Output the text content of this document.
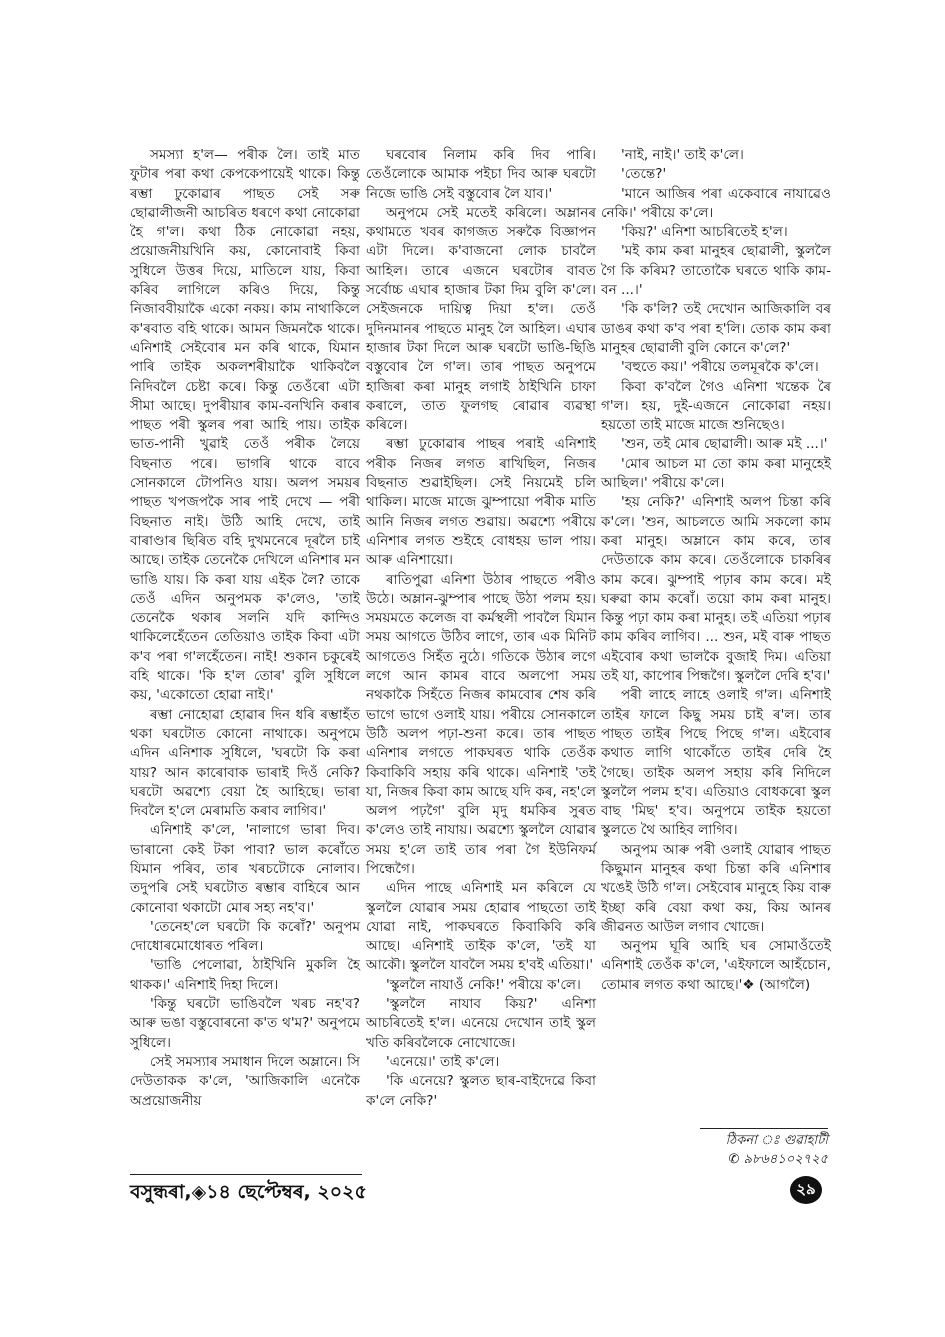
সমস্যা হ'ল— পৰীক লৈ। তাই মাত ফুটাৰ পৰা কথা কেপকেপায়েই থাকে। কিন্তু ৰম্ভা ঢুকোৱাৰ পাছত সেই সৰু ছোৱালীজনী আচৰিত ধৰণে কথা নোকোৱা হৈ গ'ল। কথা ঠিক নোকোৱা নহয়, প্ৰয়োজনীয়খিনি কয়, কোনোবাই কিবা সুধিলে উত্তৰ দিয়ে, মাতিলে যায়, কিবা কৰিব লাগিলে কৰিও দিয়ে, কিন্তু নিজাববীয়াকৈ একো নকয়। কাম নাথাকিলে ক'ৰবাত বহি থাকে। আমন জিমনকৈ থাকে। এনিশাই সেইবোৰ মন কৰি থাকে, যিমান পাৰি তাইক অকলশৰীয়াকৈ থাকিবলৈ নিদিবলৈ চেষ্টা কৰে। কিন্তু তেওঁৰো এটা সীমা আছে। দুপৰীয়াৰ কাম-বনখিনি কৰাৰ পাছত পৰী স্কুলৰ পৰা আহি পায়। তাইক ভাত-পানী খুৱাই তেওঁ পৰীক লৈয়ে বিছনাত পৰে। ভাগৰি থাকে বাবে সোনকালে টোপনিও যায়। অলপ সময়ৰ পাছত খপজপকৈ সাৰ পাই দেখে — পৰী বিছনাত নাই। উঠি আহি দেখে, তাই বাৰাণ্ডাৰ ছিৰিত বহি দুখমনেৰে দূৰলৈ চাই আছে। তাইক তেনেকৈ দেখিলে এনিশাৰ মন ভাঙি যায়। কি কৰা যায় এইক লৈ? তাকে তেওঁ এদিন অনুপমক ক'লেও, 'তাই তেনেকৈ থকাৰ সলনি যদি কান্দিও থাকিলেহেঁতেন তেতিয়াও তাইক কিবা এটা ক'ব পৰা গ'লহেঁতেন। নাই! শুকান চকুৰেই বহি থাকে। 'কি হ'ল তোৰ' বুলি সুধিলে কয়, 'একোতো হোৱা নাই।'

ৰম্ভা নোহোৱা হোৱাৰ দিন ধৰি ৰম্ভাহঁত থকা ঘৰটোত কোনো নাথাকে। অনুপমে এদিন এনিশাক সুধিলে, 'ঘৰটো কি কৰা যায়? আন কাৰোবাক ভাৰাই দিওঁ নেকি? ঘৰটো অৱশ্যে বেয়া হৈ আহিছে। ভাৰা দিবলৈ হ'লে মেৰামতি কৰাব লাগিব।'

এনিশাই ক'লে, 'নালাগে ভাৰা দিব। ভাৰানো কেই টকা পাবা? ভাল কৰোঁতে যিমান পৰিব, তাৰ খৰচটোকে নোলাব। তদুপৰি সেই ঘৰটোত ৰম্ভাৰ বাহিৰে আন কোনোবা থকাটো মোৰ সহ্য নহ'ব।'

'তেনেহ'লে ঘৰটো কি কৰোঁ?' অনুপম দোধোৰমোধোৰত পৰিল।

'ভাঙি পেলোৱা, ঠাইখিনি মুকলি হৈ থাকক।' এনিশাই দিহা দিলে।

'কিন্তু ঘৰটো ভাঙিবলৈ খৰচ নহ'ব? আৰু ভঙা বস্তুবোৰনো ক'ত থ'ম?' অনুপমে সুধিলে।

সেই সমস্যাৰ সমাধান দিলে অম্লানে। সি দেউতাকক ক'লে, 'আজিকালি এনেকৈ অপ্ৰয়োজনীয়

ঘৰবোৰ নিলাম কৰি দিব পাৰি। তেওঁলোকে আমাক পইচা দিব আৰু ঘৰটো নিজে ভাঙি সেই বস্তুবোৰ লৈ যাব।'

অনুপমে সেই মতেই কৰিলে। অম্লানৰ কথামতে খবৰ কাগজত সৰুকৈ বিজ্ঞাপন এটা দিলে। ক'বাজনো লোক চাবলৈ আহিল। তাৰে এজনে ঘৰটোৰ বাবত সৰ্বোচ্চ এঘাৰ হাজাৰ টকা দিম বুলি ক'লে। সেইজনকে দায়িত্ব দিয়া হ'ল। তেওঁ দুদিনমানৰ পাছতে মানুহ লৈ আহিল। এঘাৰ হাজাৰ টকা দিলে আৰু ঘৰটো ভাঙি-ছিঙি বস্তুবোৰ লৈ গ'ল। তাৰ পাছত অনুপমে হাজিৰা কৰা মানুহ লগাই ঠাইখিনি চাফা কৰালে, তাত ফুলগছ ৰোৱাৰ ব্যৱস্থা কৰিলে।

ৰম্ভা ঢুকোৱাৰ পাছৰ পৰাই এনিশাই পৰীক নিজৰ লগত ৰাখিছিল, নিজৰ বিছনাত শুৱাইছিল। সেই নিয়মেই চলি থাকিল। মাজে মাজে ঝুম্পায়ো পৰীক মাতি আনি নিজৰ লগত শুৱায়। অৱশ্যে পৰীয়ে এনিশাৰ লগত শুইহে বোধহয় ভাল পায়। আৰু এনিশায়ো।

ৰাতিপুৱা এনিশা উঠাৰ পাছতে পৰীও উঠে। অম্লান-ঝুম্পাৰ পাছে উঠা পলম হয়। সময়মতে কলেজ বা কৰ্মস্থলী পাবলৈ যিমান সময় আগতে উঠিব লাগে, তাৰ এক মিনিট আগতেও সিহঁত নুঠে। গতিকে উঠাৰ লগে লগে আন কামৰ বাবে অলপো সময় নথকাকৈ সিহঁতে নিজৰ কামবোৰ শেষ কৰি ভাগে ভাগে ওলাই যায়। পৰীয়ে সোনকালে উঠি অলপ পঢ়া-শুনা কৰে। তাৰ পাছত এনিশাৰ লগতে পাকঘৰত থাকি তেওঁক কিবাকিবি সহায় কৰি থাকে। এনিশাই 'তই যা, নিজৰ কিবা কাম আছে যদি কৰ, নহ'লে অলপ পঢ়গৈ' বুলি মৃদু ধমকিৰ সুৰত ক'লেও তাই নাযায়। অৱশ্যে স্কুললৈ যোৱাৰ সময় হ'লে তাই তাৰ পৰা গৈ ইউনিফৰ্ম পিন্ধেগৈ।

এদিন পাছে এনিশাই মন কৰিলে যে স্কুললৈ যোৱাৰ সময় হোৱাৰ পাছতো তাই যোৱা নাই, পাকঘৰতে কিবাকিবি কৰি আছে। এনিশাই তাইক ক'লে, 'তই যা আকৌ। স্কুললৈ যাবলৈ সময় হ'বই এতিয়া।'

'স্কুললৈ নাযাওঁ নেকি!' পৰীয়ে ক'লে।

'স্কুললৈ নাযাব কিয়?' এনিশা আচৰিতেই হ'ল। এনেয়ে দেখোন তাই স্কুল খতি কৰিবলৈকে নোখোজে।

'এনেয়ে।' তাই ক'লে।

'কি এনেয়ে? স্কুলত ছাৰ-বাইদেৱে কিবা ক'লে নেকি?'

'নাই, নাই।' তাই ক'লে।

'তেন্তে?'

'মানে আজিৰ পৰা একেবাৰে নাযাৱেও নেকি।' পৰীয়ে ক'লে।

'কিয়?' এনিশা আচৰিতেই হ'ল।

'মই কাম কৰা মানুহৰ ছোৱালী, স্কুললৈ গৈ কি কৰিম? তাতোকৈ ঘৰতে থাকি কাম-বন ...।'

'কি ক'লি? তই দেখোন আজিকালি বৰ ডাঙৰ কথা ক'ব পৰা হ'লি। তোক কাম কৰা মানুহৰ ছোৱালী বুলি কোনে ক'লে?'

'বহুতে কয়।' পৰীয়ে তলমূৰকৈ ক'লে।

কিবা ক'বলৈ গৈও এনিশা খন্তেক ৰৈ গ'ল। হয়, দুই-এজনে নোকোৱা নহয়। হয়তো তাই মাজে মাজে শুনিছেও।

'শুন, তই মোৰ ছোৱালী। আৰু মই ...।'

'মোৰ আচল মা তো কাম কৰা মানুহেই আছিল।' পৰীয়ে ক'লে।

'হয় নেকি?' এনিশাই অলপ চিন্তা কৰি ক'লে। 'শুন, আচলতে আমি সকলো কাম কৰা মানুহ। অম্লানে কাম কৰে, তাৰ দেউতাকে কাম কৰে। তেওঁলোকে চাকৰিৰ কাম কৰে। ঝুম্পাই পঢ়াৰ কাম কৰে। মই ঘৰুৱা কাম কৰোঁ। তয়ো কাম কৰা মানুহ। কিন্তু পঢ়া কাম কৰা মানুহ। তই এতিয়া পঢ়াৰ কাম কৰিব লাগিব। ... শুন, মই বাৰু পাছত এইবোৰ কথা ভালকৈ বুজাই দিম। এতিয়া তই যা, কাপোৰ পিন্ধগৈ। স্কুললৈ দেৰি হ'ব।'

পৰী লাহে লাহে ওলাই গ'ল। এনিশাই তাইৰ ফালে কিছু সময় চাই ৰ'ল। তাৰ পাছত তাইৰ পিছে পিছে গ'ল। এইবোৰ কথাত লাগি থাকোঁতে তাইৰ দেৰি হৈ গৈছে। তাইক অলপ সহায় কৰি নিদিলে স্কুললৈ পলম হ'ব। এতিয়াও বোধকৰো স্কুল বাছ 'মিছ' হ'ব। অনুপমে তাইক হয়তো স্কুলতে থৈ আহিব লাগিব।

অনুপম আৰু পৰী ওলাই যোৱাৰ পাছত কিছুমান মানুহৰ কথা চিন্তা কৰি এনিশাৰ খঙেই উঠি গ'ল। সেইবোৰ মানুহে কিয় বাৰু ইচ্ছা কৰি বেয়া কথা কয়, কিয় আনৰ জীৱনত আউল লগাব খোজে।

অনুপম ঘূৰি আহি ঘৰ সোমাওঁতেই এনিশাই তেওঁক ক'লে, 'এইফালে আহঁচোন, তোমাৰ লগত কথা আছে।'❖ (আগলৈ)

ঠিকনা ঃ গুৱাহাটী
✆ ৯৮৬৪১০২৭২৫
বসুন্ধৰা,◈১৪ ছেপ্টেম্বৰ, ২০২৫	২৯
